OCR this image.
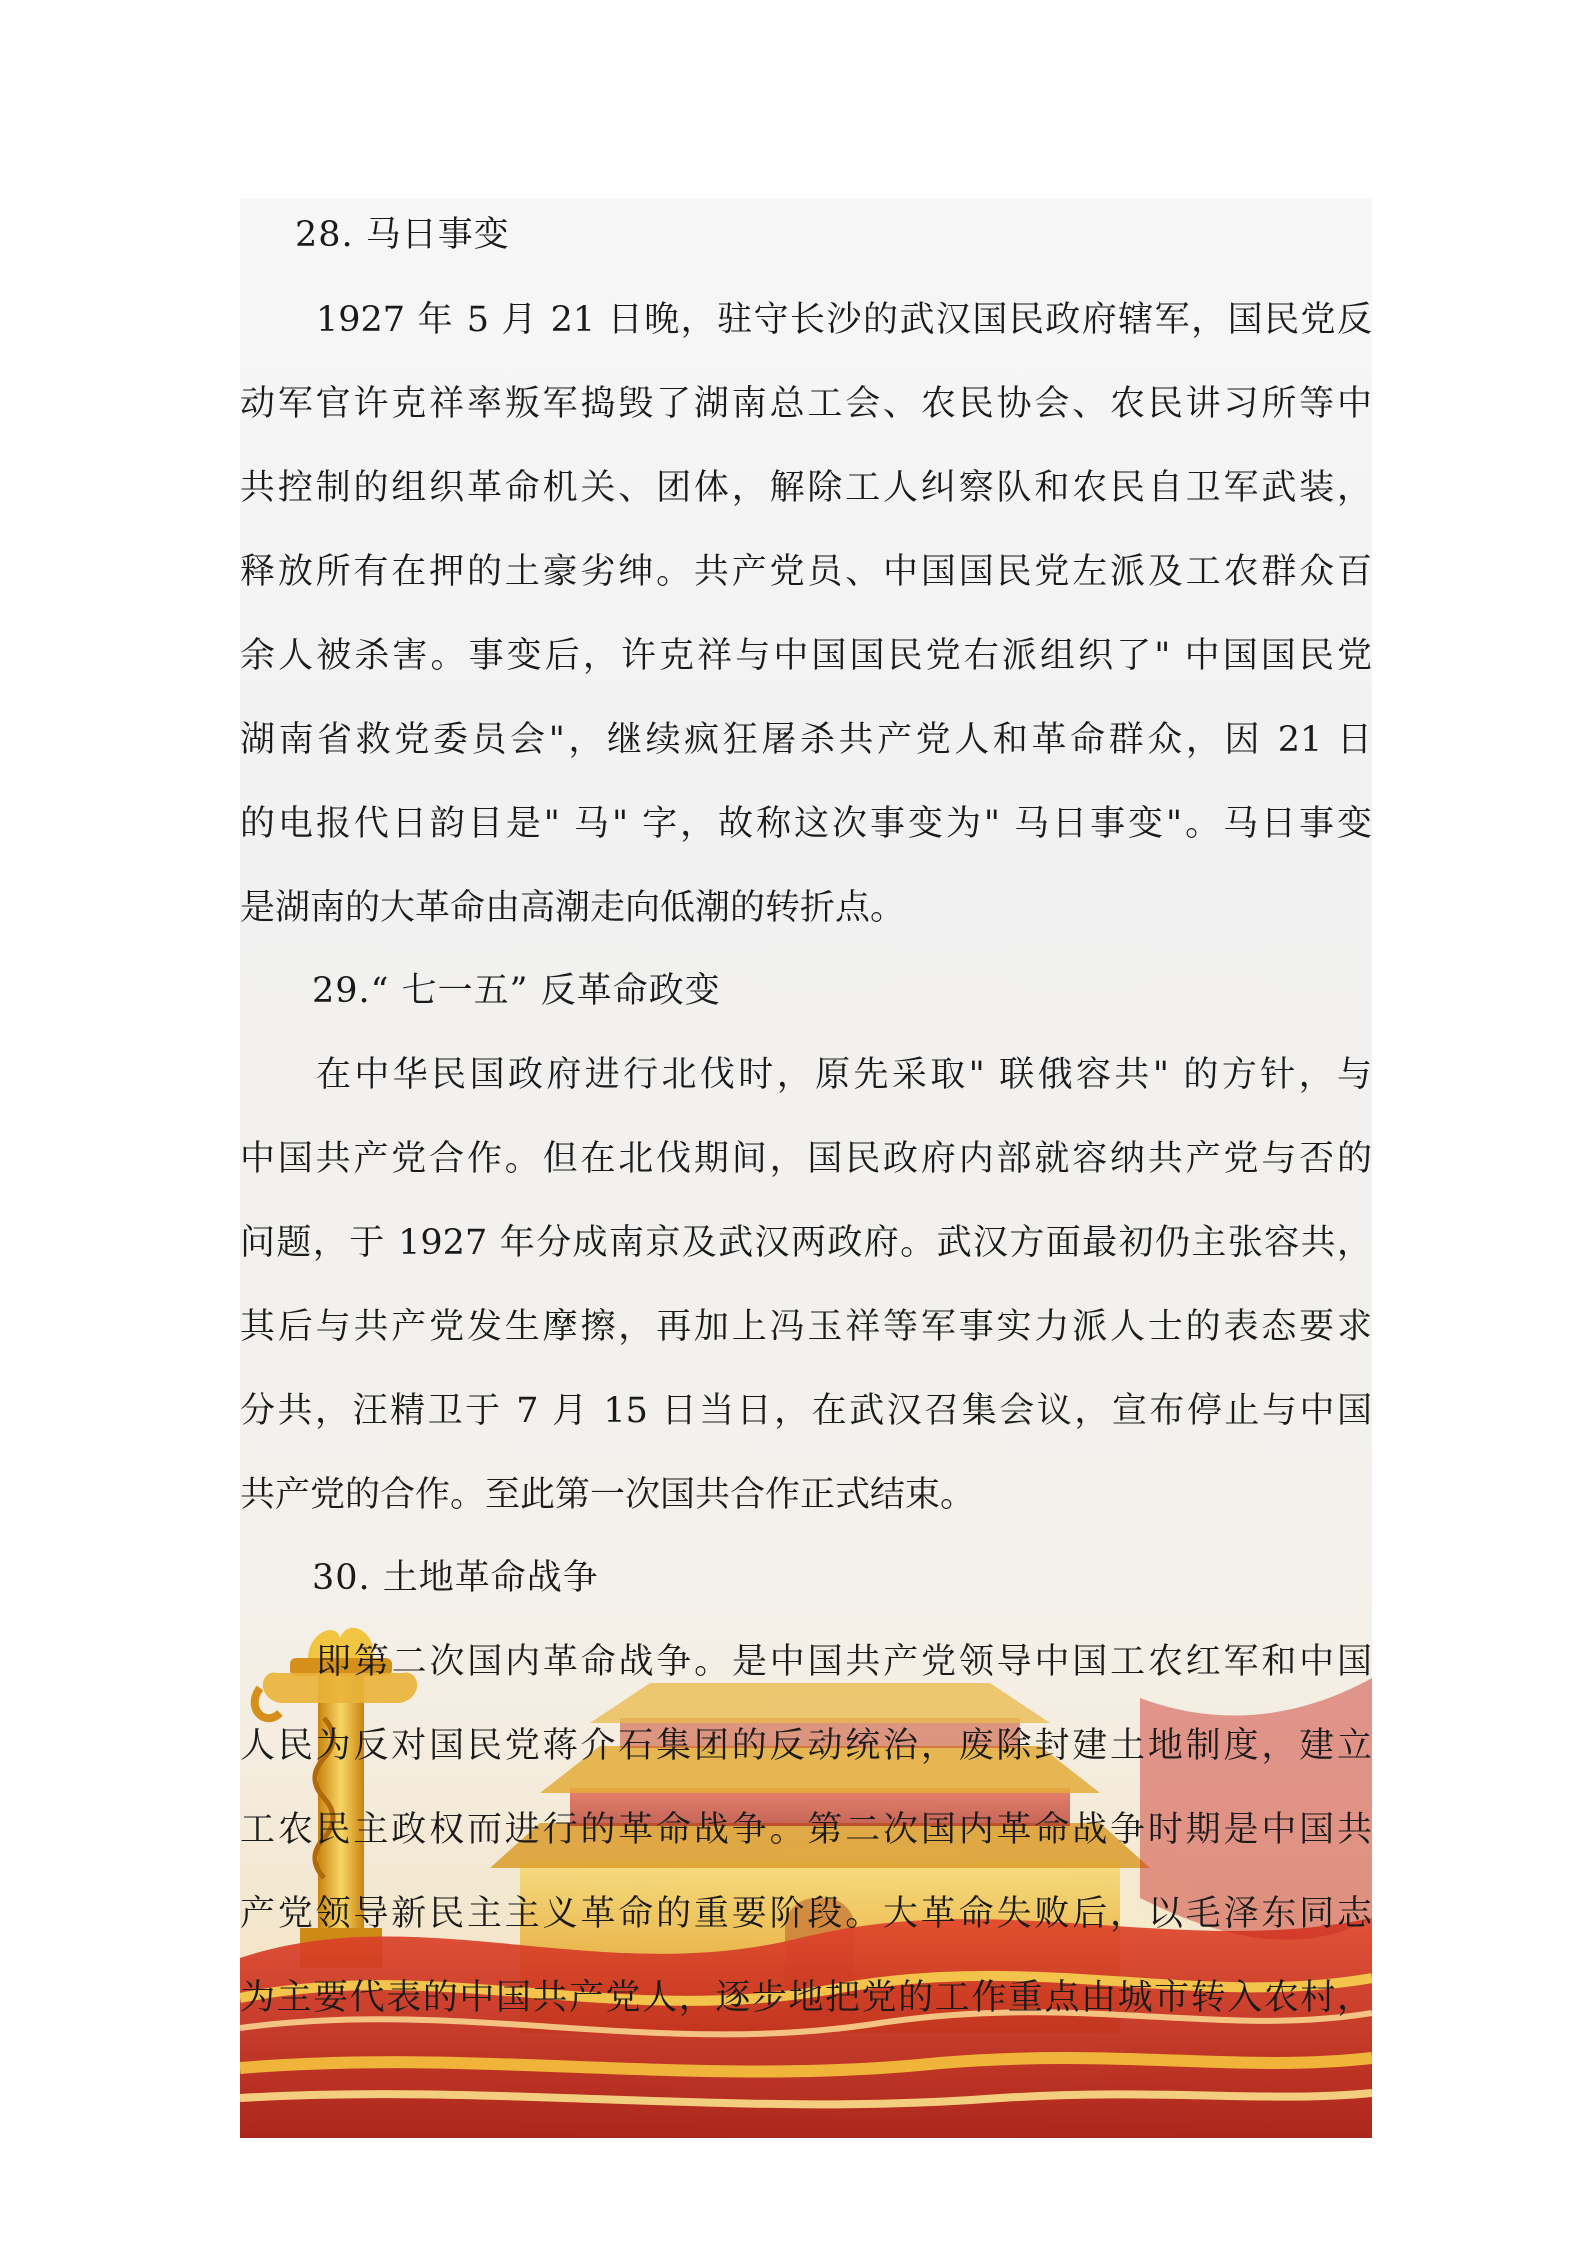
28. 马日事变
1927 年 5 月 21 日晚，驻守长沙的武汉国民政府辖军，国民党反
动军官许克祥率叛军捣毁了湖南总工会、农民协会、农民讲习所等中
共控制的组织革命机关、团体，解除工人纠察队和农民自卫军武装，
释放所有在押的土豪劣绅。共产党员、中国国民党左派及工农群众百
余人被杀害。事变后，许克祥与中国国民党右派组织了" 中国国民党
湖南省救党委员会"，继续疯狂屠杀共产党人和革命群众，因 21 日
的电报代日韵目是" 马" 字，故称这次事变为" 马日事变"。马日事变
是湖南的大革命由高潮走向低潮的转折点。
29.“ 七一五” 反革命政变
在中华民国政府进行北伐时，原先采取" 联俄容共" 的方针，与
中国共产党合作。但在北伐期间，国民政府内部就容纳共产党与否的
问题，于 1927 年分成南京及武汉两政府。武汉方面最初仍主张容共，
其后与共产党发生摩擦，再加上冯玉祥等军事实力派人士的表态要求
分共，汪精卫于 7 月 15 日当日，在武汉召集会议，宣布停止与中国
共产党的合作。至此第一次国共合作正式结束。
30. 土地革命战争
即第二次国内革命战争。是中国共产党领导中国工农红军和中国
人民为反对国民党蒋介石集团的反动统治，废除封建土地制度，建立
工农民主政权而进行的革命战争。第二次国内革命战争时期是中国共
产党领导新民主主义革命的重要阶段。大革命失败后，以毛泽东同志
为主要代表的中国共产党人，逐步地把党的工作重点由城市转入农村，
